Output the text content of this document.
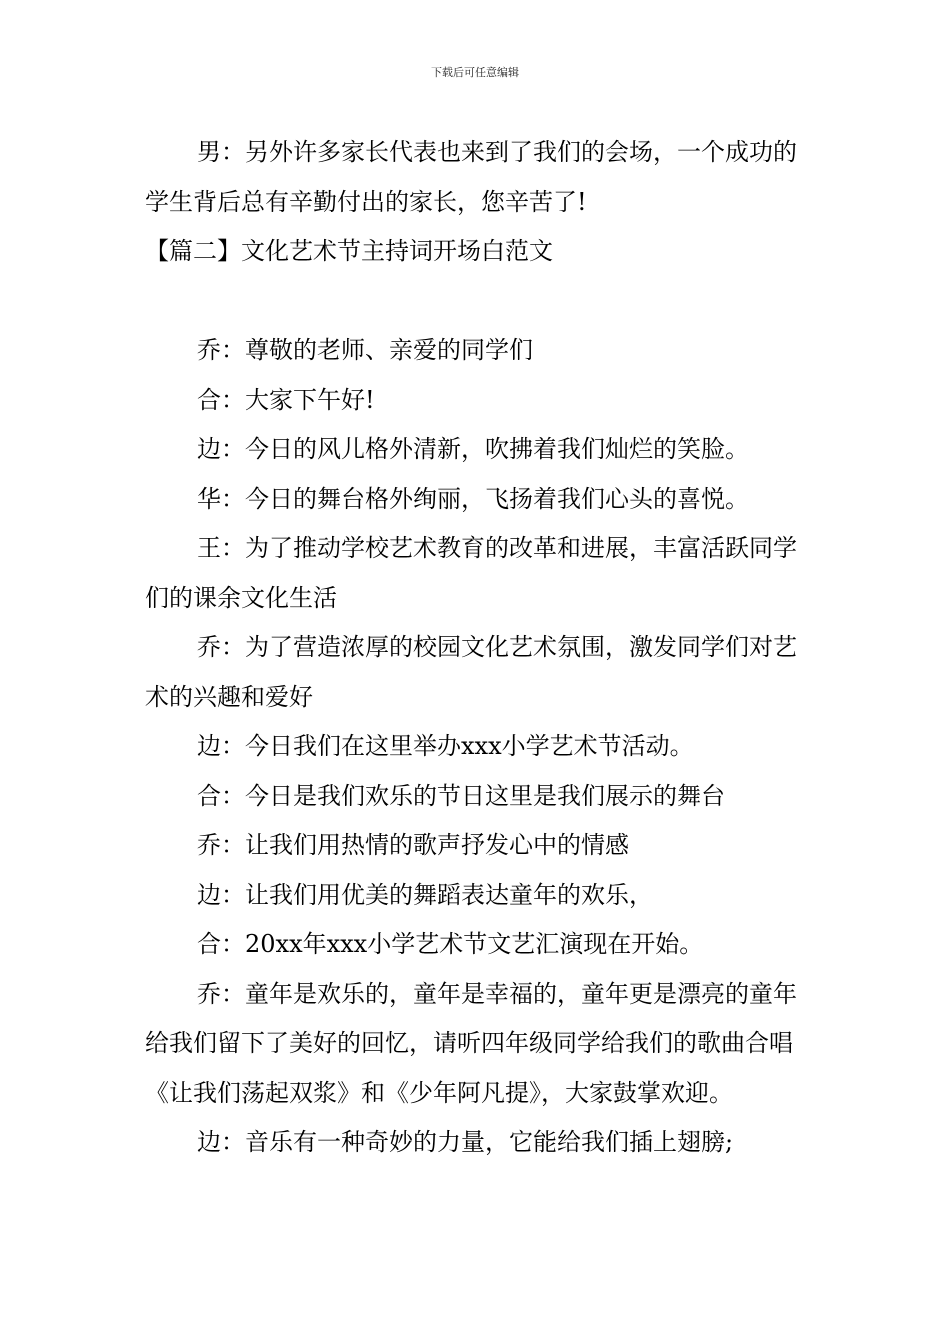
下载后可任意编辑

男：另外许多家长代表也来到了我们的会场，一个成功的学生背后总有辛勤付出的家长，您辛苦了!

【篇二】文化艺术节主持词开场白范文

乔：尊敬的老师、亲爱的同学们

合：大家下午好!

边：今日的风儿格外清新，吹拂着我们灿烂的笑脸。

华：今日的舞台格外绚丽，飞扬着我们心头的喜悦。

王：为了推动学校艺术教育的改革和进展，丰富活跃同学们的课余文化生活

乔：为了营造浓厚的校园文化艺术氛围，激发同学们对艺术的兴趣和爱好

边：今日我们在这里举办xxx小学艺术节活动。

合：今日是我们欢乐的节日这里是我们展示的舞台

乔：让我们用热情的歌声抒发心中的情感

边：让我们用优美的舞蹈表达童年的欢乐，

合：20xx年xxx小学艺术节文艺汇演现在开始。

乔：童年是欢乐的，童年是幸福的，童年更是漂亮的童年给我们留下了美好的回忆，请听四年级同学给我们的歌曲合唱《让我们荡起双浆》和《少年阿凡提》，大家鼓掌欢迎。

边：音乐有一种奇妙的力量，它能给我们插上翅膀;
